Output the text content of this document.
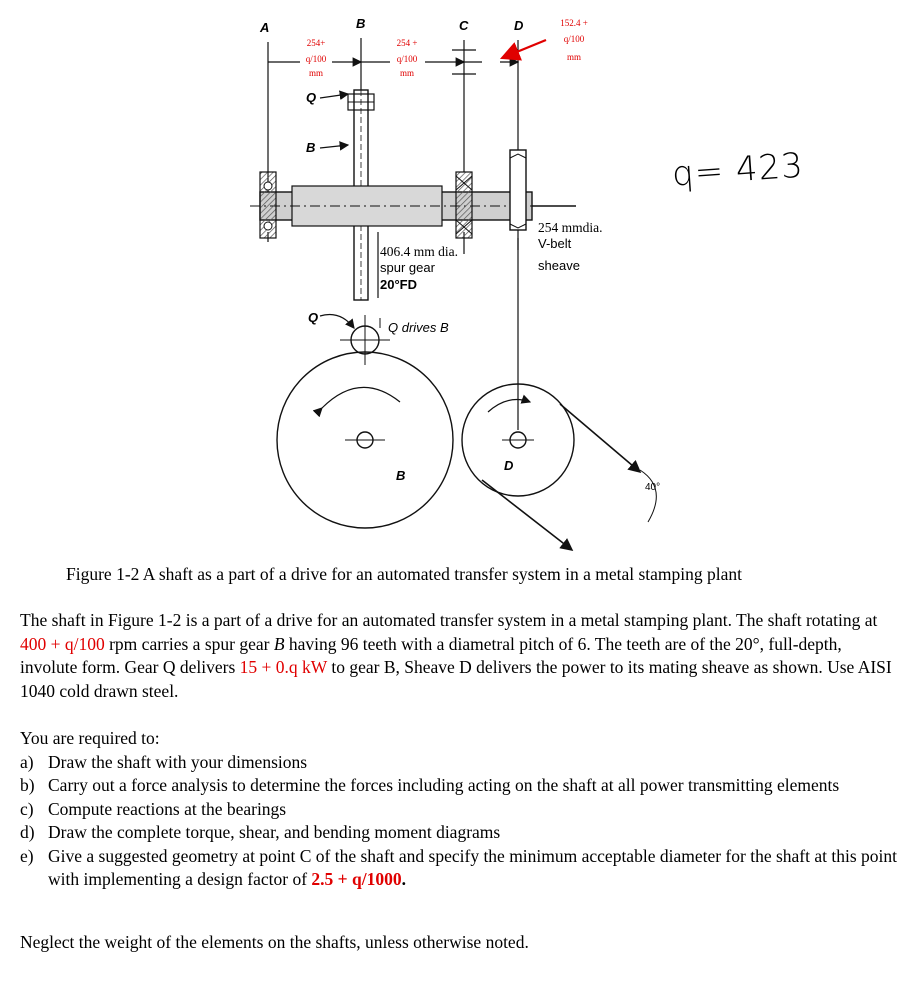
A	B	C	D
Q
B
Q
B
D
254+
q/100
mm
254 +
q/100
mm
152.4 +
q/100
mm
406.4 mm dia.
spur gear
20°FD
254 mmdia.
V-belt
sheave
Q drives B
40°
q= 423
Figure 1-2 A shaft as a part of a drive for an automated transfer system in a metal stamping plant

The shaft in Figure 1-2 is a part of a drive for an automated transfer system in a metal stamping plant. The shaft rotating at 400 + q/100 rpm carries a spur gear B having 96 teeth with a diametral pitch of 6. The teeth are of the 20°, full-depth, involute form. Gear Q delivers 15 + 0.q kW to gear B, Sheave D delivers the power to its mating sheave as shown. Use AISI 1040 cold drawn steel.

You are required to:
a) Draw the shaft with your dimensions
b) Carry out a force analysis to determine the forces including acting on the shaft at all power transmitting elements
c) Compute reactions at the bearings
d) Draw the complete torque, shear, and bending moment diagrams
e) Give a suggested geometry at point C of the shaft and specify the minimum acceptable diameter for the shaft at this point with implementing a design factor of 2.5 + q/1000.
Neglect the weight of the elements on the shafts, unless otherwise noted.
